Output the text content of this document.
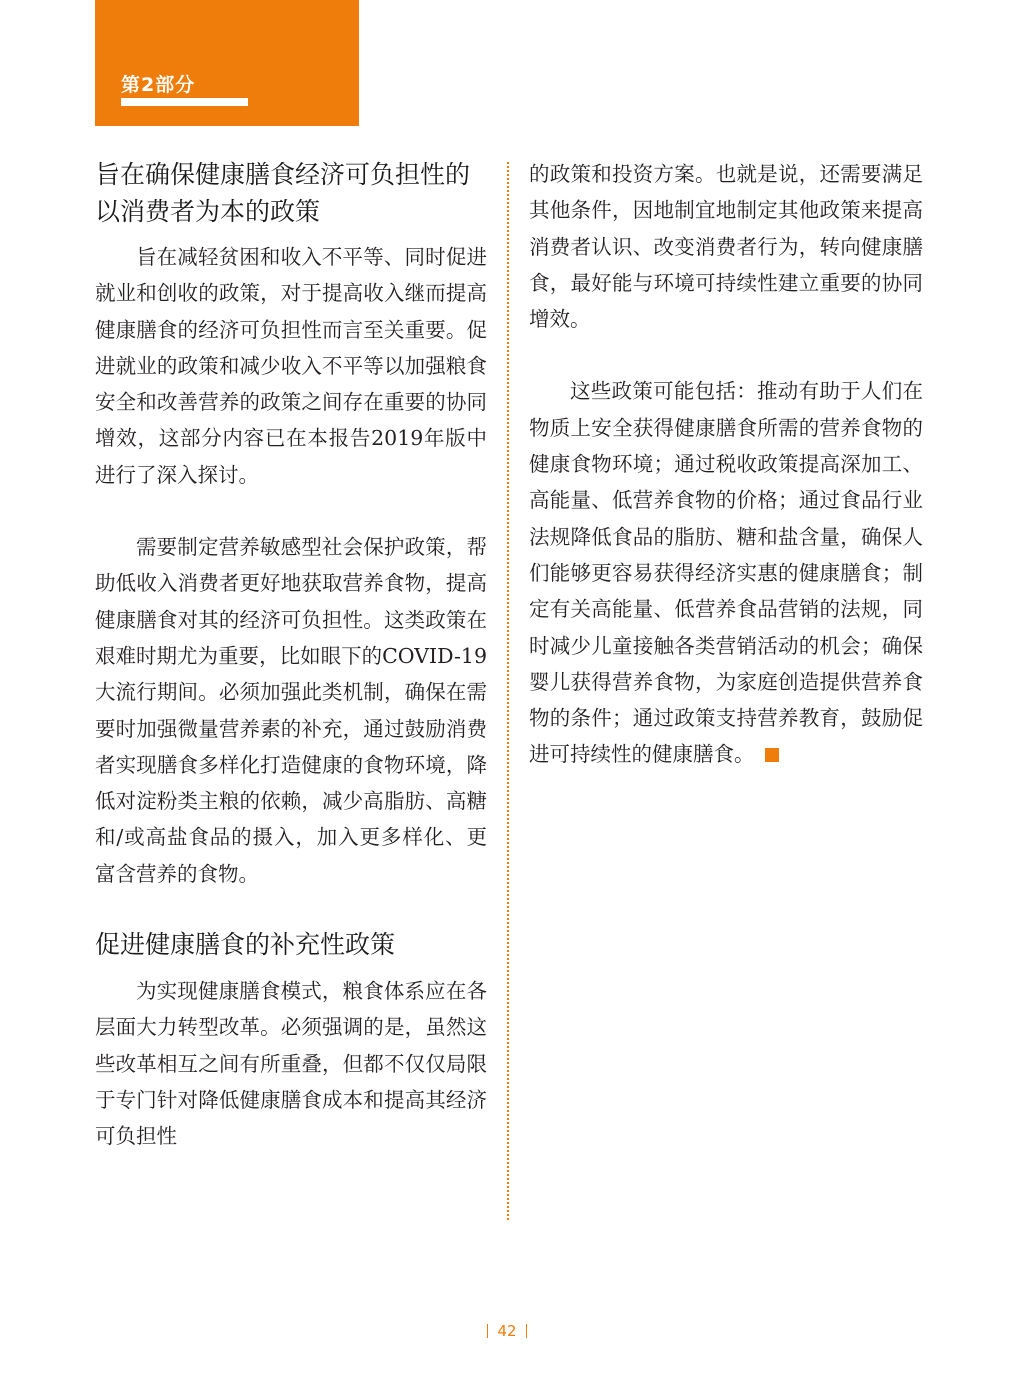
第2部分
旨在确保健康膳食经济可负担性的以消费者为本的政策

旨在减轻贫困和收入不平等、同时促进就业和创收的政策，对于提高收入继而提高健康膳食的经济可负担性而言至关重要。促进就业的政策和减少收入不平等以加强粮食安全和改善营养的政策之间存在重要的协同增效，这部分内容已在本报告2019年版中进行了深入探讨。

需要制定营养敏感型社会保护政策，帮助低收入消费者更好地获取营养食物，提高健康膳食对其的经济可负担性。这类政策在艰难时期尤为重要，比如眼下的COVID-19大流行期间。必须加强此类机制，确保在需要时加强微量营养素的补充，通过鼓励消费者实现膳食多样化打造健康的食物环境，降低对淀粉类主粮的依赖，减少高脂肪、高糖和/或高盐食品的摄入，加入更多样化、更富含营养的食物。

促进健康膳食的补充性政策

为实现健康膳食模式，粮食体系应在各层面大力转型改革。必须强调的是，虽然这些改革相互之间有所重叠，但都不仅仅局限于专门针对降低健康膳食成本和提高其经济可负担性

的政策和投资方案。也就是说，还需要满足其他条件，因地制宜地制定其他政策来提高消费者认识、改变消费者行为，转向健康膳食，最好能与环境可持续性建立重要的协同增效。

这些政策可能包括：推动有助于人们在物质上安全获得健康膳食所需的营养食物的健康食物环境；通过税收政策提高深加工、高能量、低营养食物的价格；通过食品行业法规降低食品的脂肪、糖和盐含量，确保人们能够更容易获得经济实惠的健康膳食；制定有关高能量、低营养食品营销的法规，同时减少儿童接触各类营销活动的机会；确保婴儿获得营养食物，为家庭创造提供营养食物的条件；通过政策支持营养教育，鼓励促进可持续性的健康膳食。

42
